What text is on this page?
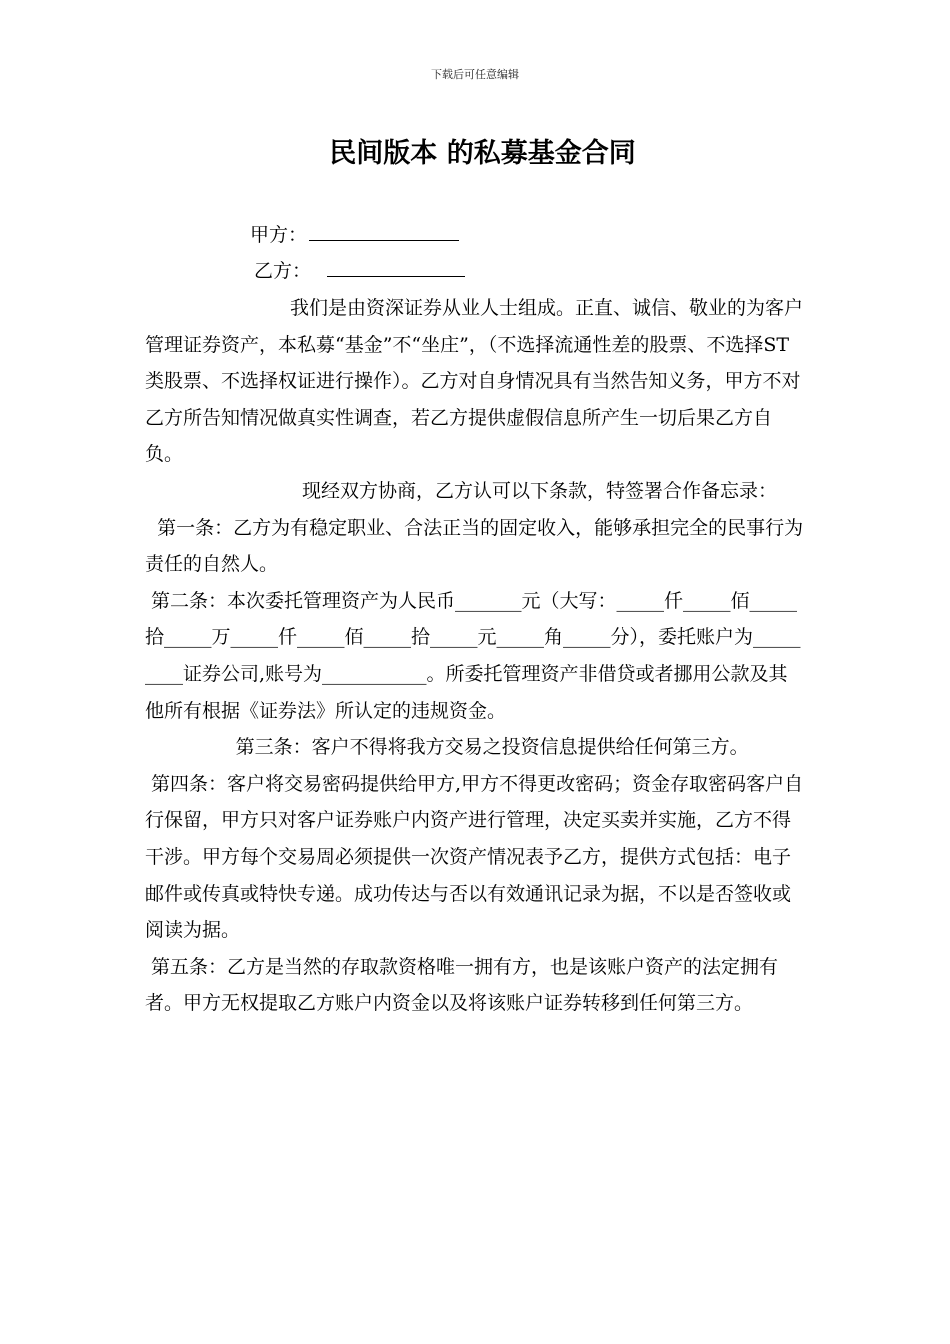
下载后可任意编辑
民间版本 的私募基金合同
甲方：
乙方：

我们是由资深证券从业人士组成。正直、诚信、敬业的为客户管理证券资产，本私募“基金”不“坐庄”，（不选择流通性差的股票、不选择ST类股票、不选择权证进行操作）。乙方对自身情况具有当然告知义务，甲方不对乙方所告知情况做真实性调查，若乙方提供虚假信息所产生一切后果乙方自负。

现经双方协商，乙方认可以下条款，特签署合作备忘录：

第一条：乙方为有稳定职业、合法正当的固定收入，能够承担完全的民事行为责任的自然人。

第二条：本次委托管理资产为人民币_______元（大写：_____仟_____佰_____拾_____万_____仟_____佰_____拾_____元_____角_____分），委托账户为_________证券公司,账号为___________。所委托管理资产非借贷或者挪用公款及其他所有根据《证券法》所认定的违规资金。

第三条：客户不得将我方交易之投资信息提供给任何第三方。

第四条：客户将交易密码提供给甲方,甲方不得更改密码；资金存取密码客户自行保留，甲方只对客户证券账户内资产进行管理，决定买卖并实施，乙方不得干涉。甲方每个交易周必须提供一次资产情况表予乙方，提供方式包括：电子邮件或传真或特快专递。成功传达与否以有效通讯记录为据，不以是否签收或阅读为据。

第五条：乙方是当然的存取款资格唯一拥有方，也是该账户资产的法定拥有者。甲方无权提取乙方账户内资金以及将该账户证券转移到任何第三方。
